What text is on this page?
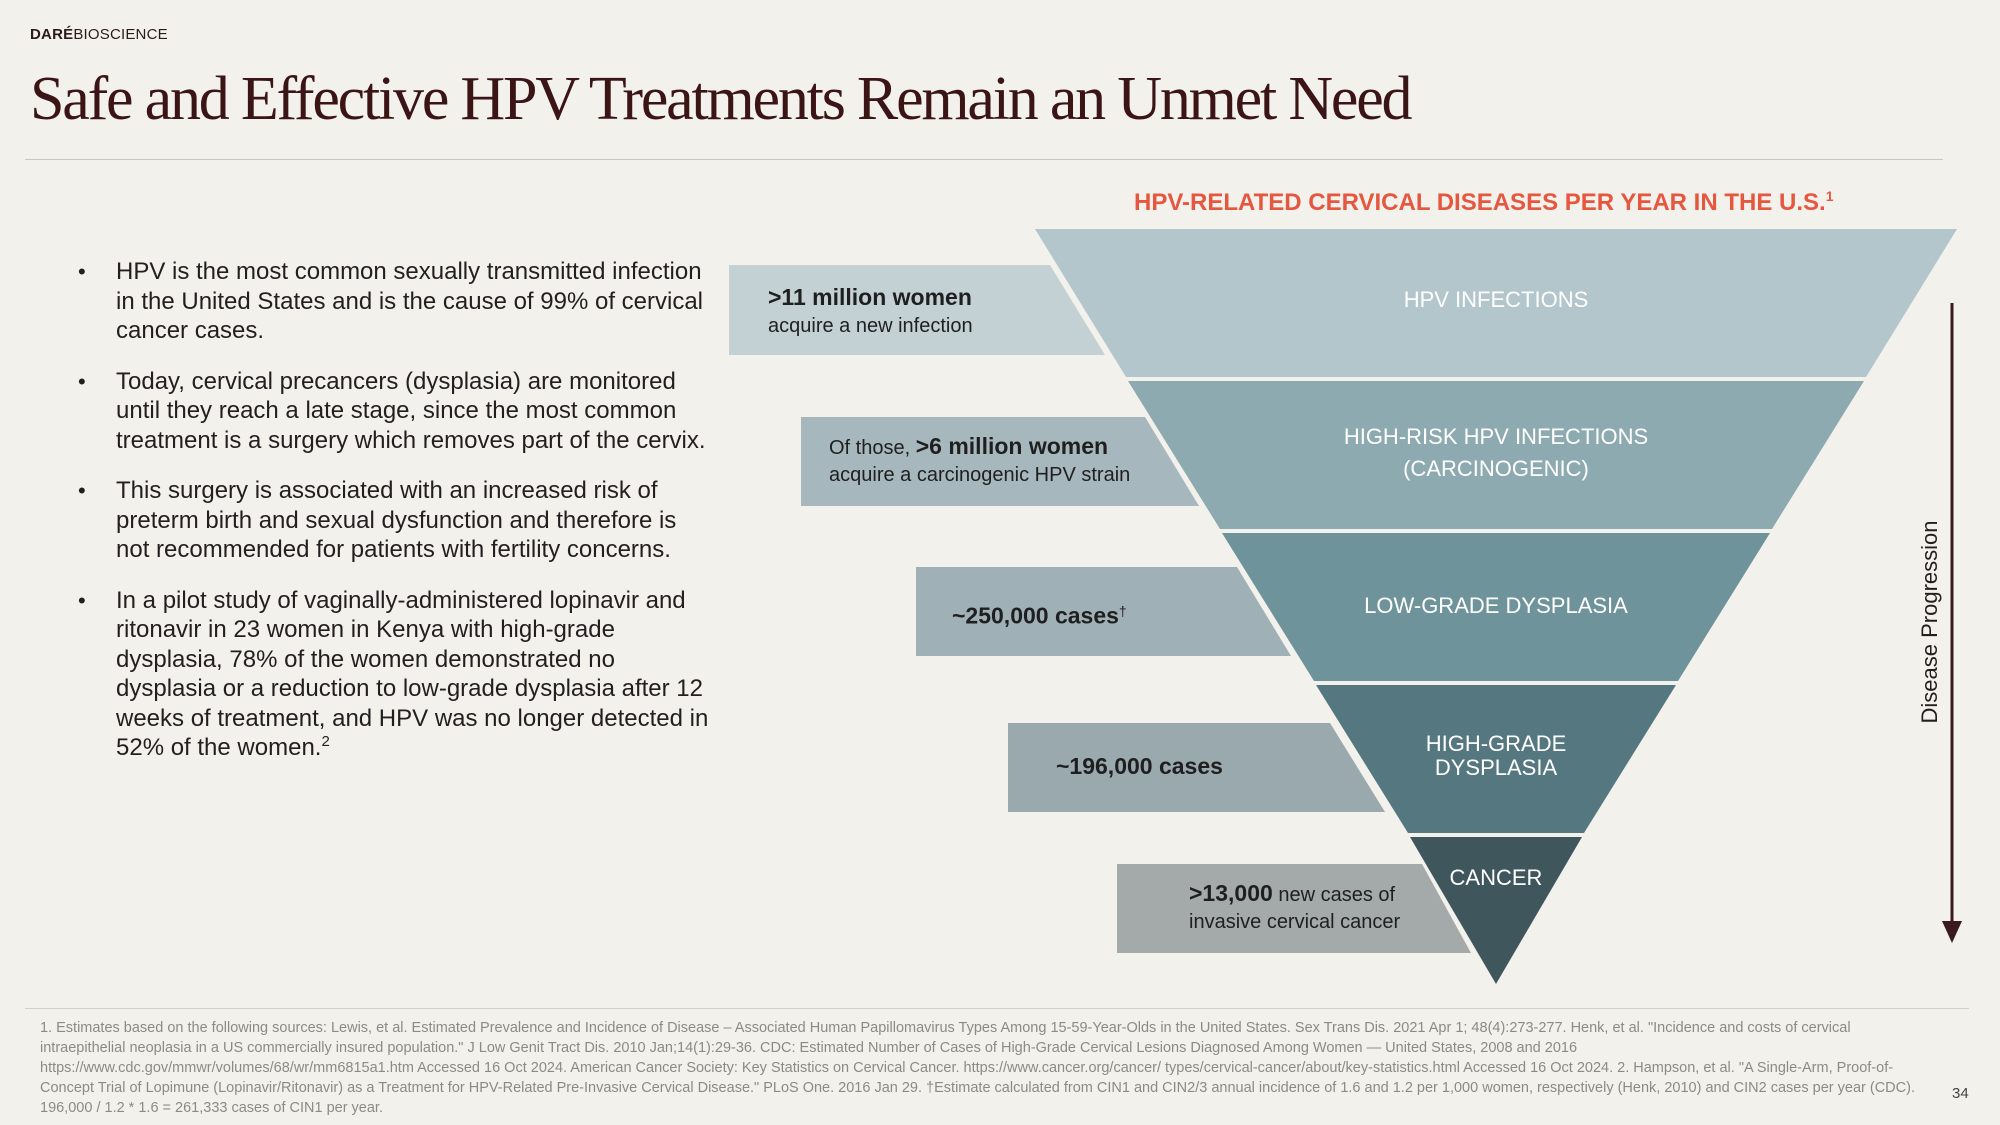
DARÉBIOSCIENCE
Safe and Effective HPV Treatments Remain an Unmet Need
• HPV is the most common sexually transmitted infection in the United States and is the cause of 99% of cervical cancer cases.
• Today, cervical precancers (dysplasia) are monitored until they reach a late stage, since the most common treatment is a surgery which removes part of the cervix.
• This surgery is associated with an increased risk of preterm birth and sexual dysfunction and therefore is not recommended for patients with fertility concerns.
• In a pilot study of vaginally-administered lopinavir and ritonavir in 23 women in Kenya with high-grade dysplasia, 78% of the women demonstrated no dysplasia or a reduction to low-grade dysplasia after 12 weeks of treatment, and HPV was no longer detected in 52% of the women.$^2$
HPV-RELATED CERVICAL DISEASES PER YEAR IN THE U.S.$^1$
HPV INFECTIONS
HIGH-RISK HPV INFECTIONS
(CARCINOGENIC)
LOW-GRADE DYSPLASIA
HIGH-GRADE
DYSPLASIA
CANCER
>11 million women
acquire a new infection
Of those, >6 million women
acquire a carcinogenic HPV strain
~250,000 cases†
~196,000 cases
>13,000 new cases of
invasive cervical cancer
Disease Progression

1. Estimates based on the following sources: Lewis, et al. Estimated Prevalence and Incidence of Disease – Associated Human Papillomavirus Types Among 15-59-Year-Olds in the United States. Sex Trans Dis. 2021 Apr 1; 48(4):273-277. Henk, et al. "Incidence and costs of cervical intraepithelial neoplasia in a US commercially insured population." J Low Genit Tract Dis. 2010 Jan;14(1):29-36. CDC: Estimated Number of Cases of High-Grade Cervical Lesions Diagnosed Among Women — United States, 2008 and 2016 https://www.cdc.gov/mmwr/volumes/68/wr/mm6815a1.htm Accessed 16 Oct 2024. American Cancer Society: Key Statistics on Cervical Cancer. https://www.cancer.org/cancer/ types/cervical-cancer/about/key-statistics.html Accessed 16 Oct 2024. 2. Hampson, et al. "A Single-Arm, Proof-of-Concept Trial of Lopimune (Lopinavir/Ritonavir) as a Treatment for HPV-Related Pre-Invasive Cervical Disease." PLoS One. 2016 Jan 29. †Estimate calculated from CIN1 and CIN2/3 annual incidence of 1.6 and 1.2 per 1,000 women, respectively (Henk, 2010) and CIN2 cases per year (CDC). 196,000 / 1.2 * 1.6 = 261,333 cases of CIN1 per year.

34
